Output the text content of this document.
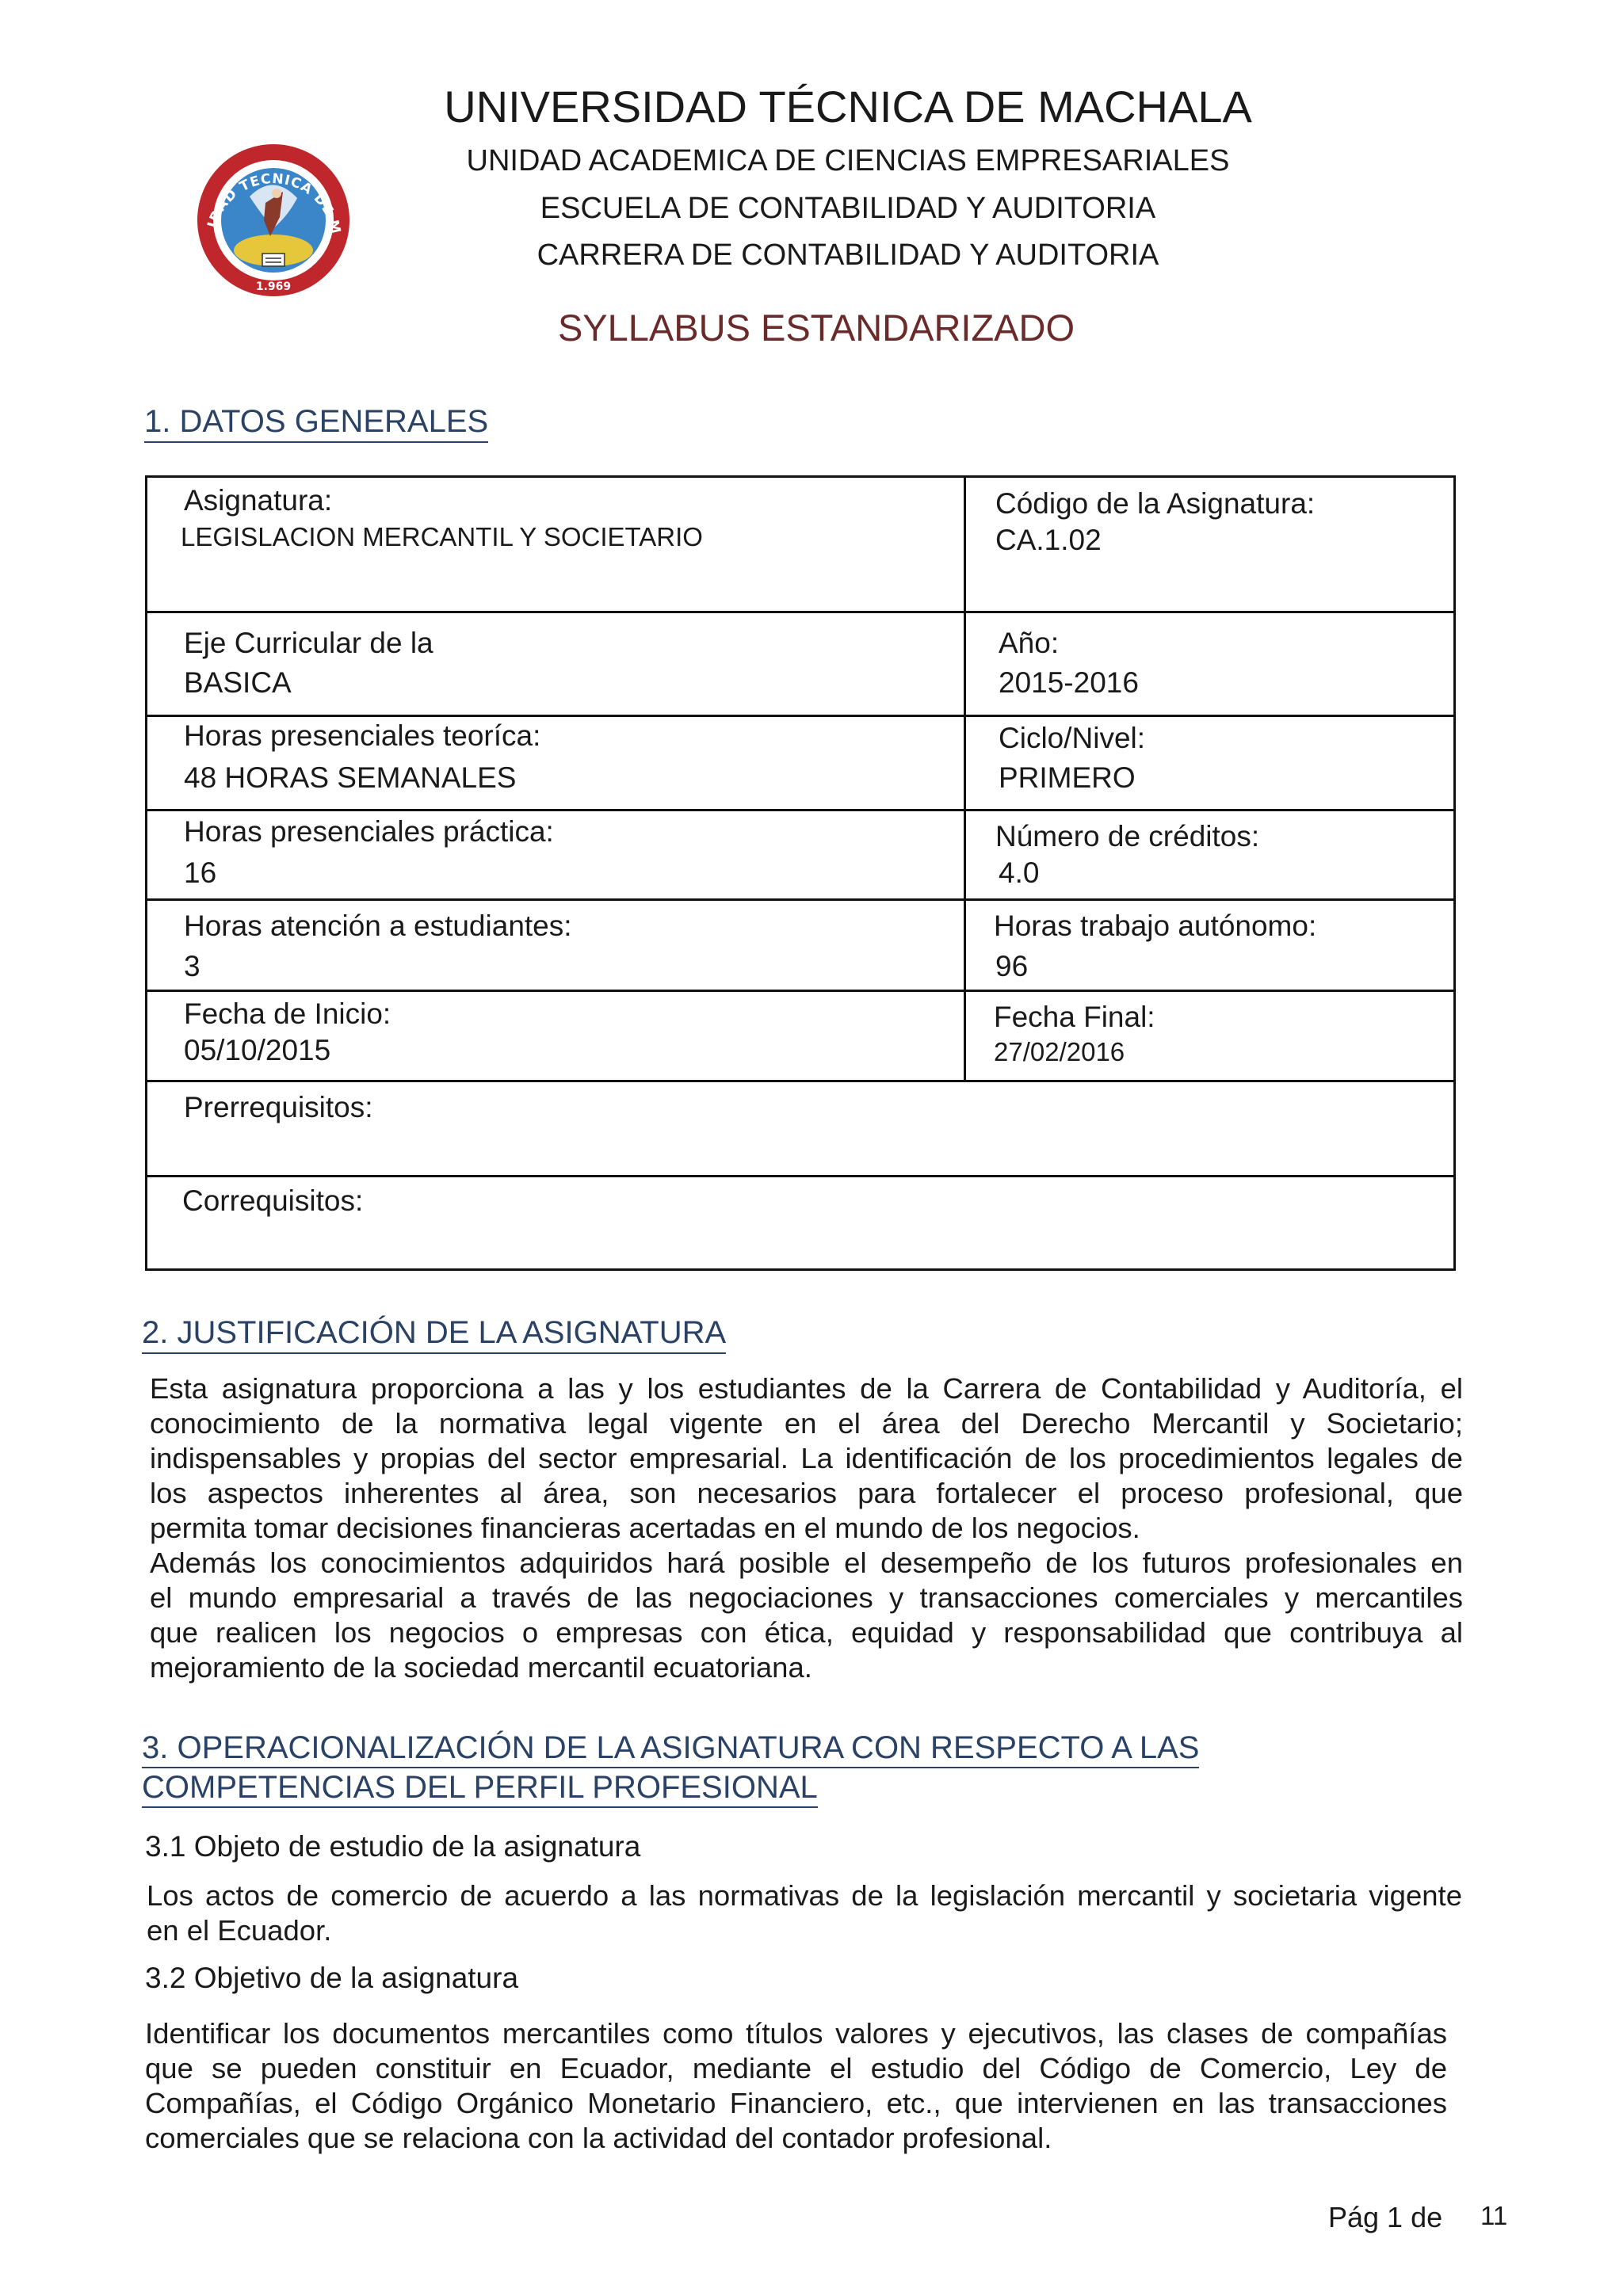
IDAD TECNICA DE M
1.969
UNIVERSIDAD TÉCNICA DE MACHALA
UNIDAD ACADEMICA DE CIENCIAS EMPRESARIALES
ESCUELA DE CONTABILIDAD Y AUDITORIA
CARRERA DE CONTABILIDAD Y AUDITORIA
SYLLABUS ESTANDARIZADO
1. DATOS GENERALES
Asignatura:
LEGISLACION MERCANTIL Y SOCIETARIO
Código de la Asignatura:
CA.1.02
Eje Curricular de la
BASICA
Año:
2015-2016
Horas presenciales teoríca:
48 HORAS SEMANALES
Ciclo/Nivel:
PRIMERO
Horas presenciales práctica:
16
Número de créditos:
4.0
Horas atención a estudiantes:
3
Horas trabajo autónomo:
96
Fecha de Inicio:
05/10/2015
Fecha Final:
27/02/2016
Prerrequisitos:
Correquisitos:
2. JUSTIFICACIÓN DE LA ASIGNATURA

Esta asignatura proporciona a las y los estudiantes de la Carrera de Contabilidad y Auditoría, el

conocimiento de la normativa legal vigente en el área del Derecho Mercantil y Societario;

indispensables y propias del sector empresarial. La identificación de los procedimientos legales de

los aspectos inherentes al área, son necesarios para fortalecer el proceso profesional, que

permita tomar decisiones financieras acertadas en el mundo de los negocios.

Además los conocimientos adquiridos hará posible el desempeño de los futuros profesionales en

el mundo empresarial a través de las negociaciones y transacciones comerciales y mercantiles

que realicen los negocios o empresas con ética, equidad y responsabilidad que contribuya al

mejoramiento de la sociedad mercantil ecuatoriana.

3. OPERACIONALIZACIÓN DE LA ASIGNATURA CON RESPECTO A LAS
COMPETENCIAS DEL PERFIL PROFESIONAL
3.1 Objeto de estudio de la asignatura

Los actos de comercio de acuerdo a las normativas de la legislación mercantil y societaria vigente

en el Ecuador.

3.2 Objetivo de la asignatura

Identificar los documentos mercantiles como títulos valores y ejecutivos, las clases de compañías

que se pueden constituir en Ecuador, mediante el estudio del Código de Comercio, Ley de

Compañías, el Código Orgánico Monetario Financiero, etc., que intervienen en las transacciones

comerciales que se relaciona con la actividad del contador profesional.

Pág 1 de 11
